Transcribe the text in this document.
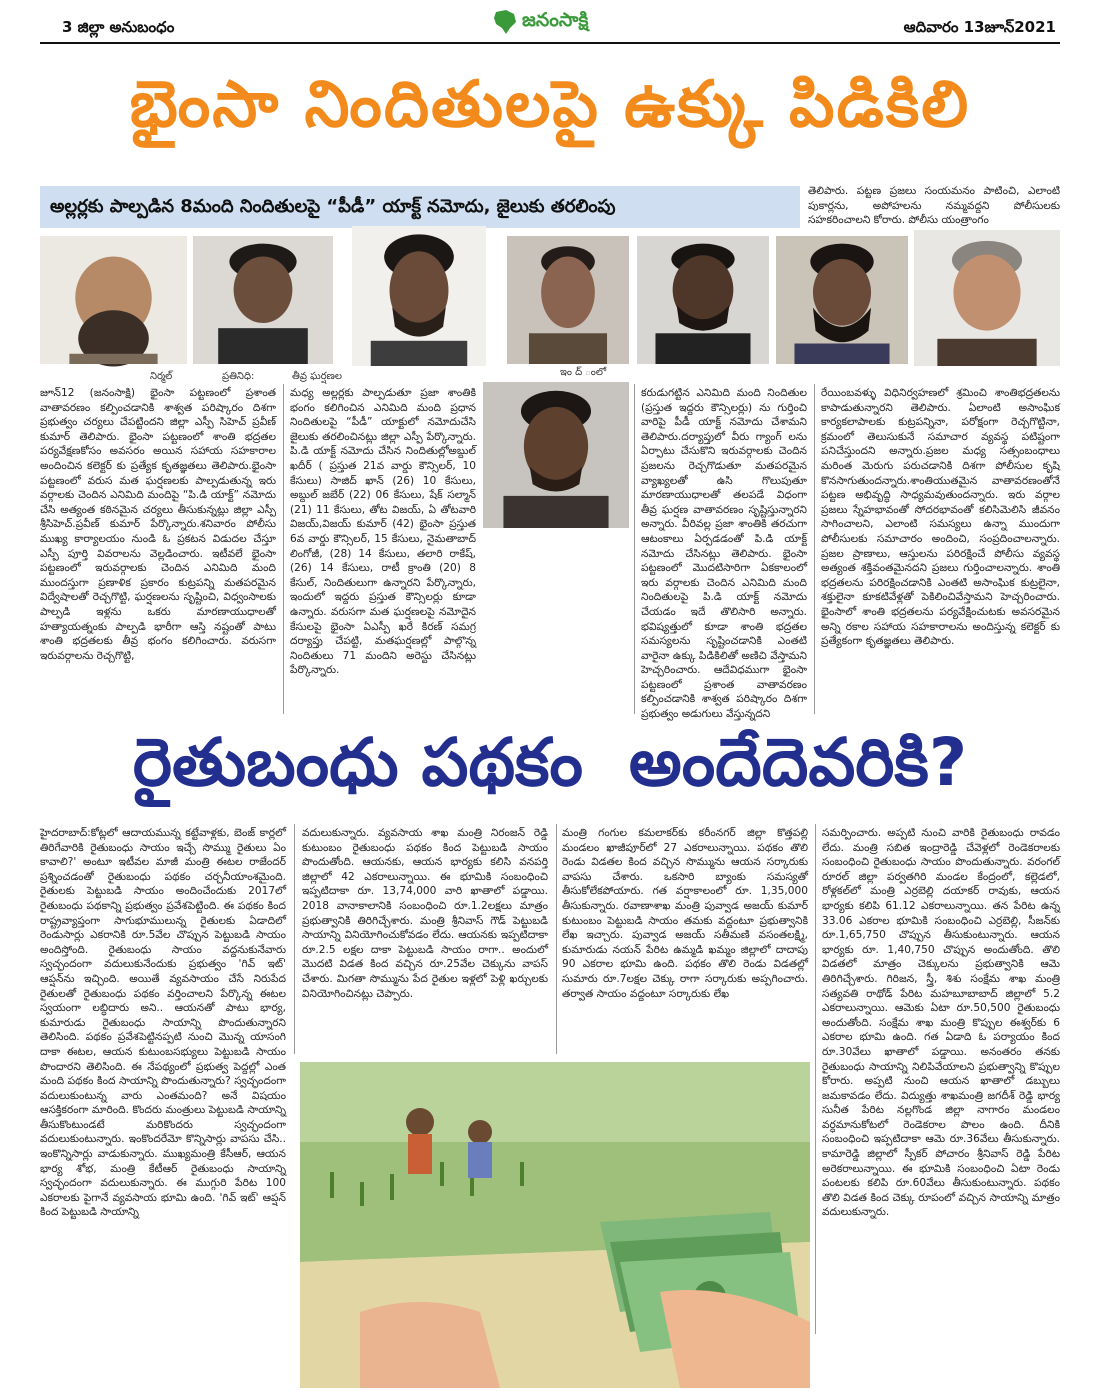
3 జిల్లా అనుబంధం	జనంసాక్షి	ఆదివారం 13జూన్2021
భైంసా నిందితులపై ఉక్కు పిడికిలి
అల్లర్లకు పాల్పడిన 8మంది నిందితులపై “పీడీ” యాక్ట్ నమోదు, జైలుకు తరలింపు
తెలిపారు. పట్టణ ప్రజలు సంయమనం పాటించి, ఎలాంటి పుకార్లను, అపోహలను నమ్మవద్దని పోలీసులకు సహకరించాలని కోరారు. పోలీసు యంత్రాంగం
నిర్మల్	ప్రతినిధి:	తీవ్ర ఘర్షణల	ఇం ద్ ంలో
జూన్12 (జనంసాక్షి) భైంసా పట్టణంలో ప్రశాంత వాతావరణం కల్పించడానికి శాశ్వత పరిష్కారం దిశగా ప్రభుత్వం చర్యలు చేపట్టిందని జిల్లా ఎస్పీ సిహెచ్ ప్రవీణ్ కుమార్ తెలిపారు. భైంసా పట్టణంలో శాంతి భద్రతల పర్యవేక్షణకోసం అవసరం అయిన సహాయ సహకారాల అందించిన కలెక్టర్ కు ప్రత్యేక కృతజ్ఞతలు తెలిపారు.భైంసా పట్టణంలో వరుస మత ఘర్షణలకు పాల్పడుతున్న ఇరు వర్గాలకు చెందిన ఎనిమిది మందిపై “పి.డి యాక్ట్” నమోదు చేసి అత్యంత కఠినమైన చర్యలు తీసుకున్నట్లు జిల్లా ఎస్పీ శ్రీసిహెచ్.ప్రవీణ్ కుమార్ పేర్కొన్నారు.శనివారం పోలీసు ముఖ్య కార్యాలయం నుండి ఓ ప్రకటన విడుదల చేస్తూ ఎస్పీ పూర్తి వివరాలను వెల్లడించారు. ఇటీవలే భైంసా పట్టణంలో ఇరువర్గాలకు చెందిన ఎనిమిది మంది ముందస్తుగా ప్రణాళిక ప్రకారం కుట్రపన్ని మతపరమైన విద్వేషాలతో రెచ్చగొట్టి, ఘర్షణలను సృష్టించి, విధ్వంసాలకు పాల్పడి ఇళ్లను ఒకరు మారణాయుధాలతో హత్యాయత్నంకు పాల్పడి భారీగా ఆస్తి నష్టంతో పాటు శాంతి భద్రతలకు తీవ్ర భంగం కలిగించారు. వరుసగా ఇరువర్గాలను రెచ్చగొట్టి,
మధ్య అల్లర్లకు పాల్పడుతూ ప్రజా శాంతికి భంగం కలిగించిన ఎనిమిది మంది ప్రధాన నిందితులపై “పీడీ” యాక్టులో నమోదుచేసి జైలుకు తరలించినట్లు జిల్లా ఎస్పీ పేర్కొన్నారు. పి.డి యాక్ట్ నమోదు చేసిన నిందితుల్లోఅబ్దుల్ ఖదీర్ ( ప్రస్తుత 21వ వార్డు కౌన్సిలర్, 10 కేసులు) సాజిద్ ఖాన్ (26) 10 కేసులు, అబ్దుల్ జబేర్ (22) 06 కేసులు, షేక్ సల్మాన్ (21) 11 కేసులు, తోట విజయ్, ఏ తోటవారి విజయ్,విజయ్ కుమార్ (42) భైంసా ప్రస్తుత 6వ వార్డు కౌన్సిలర్, 15 కేసులు, నైమతాబాద్ లింగోజీ, (28) 14 కేసులు, తలారి రాకేష్, (26) 14 కేసులు, రాటీ క్రాంతి (20) 8 కేసుల్, నిందితులుగా ఉన్నారని పేర్కొన్నారు, ఇందులో ఇద్దరు ప్రస్తుత కౌన్సిలర్లు కూడా ఉన్నారు. వరుసగా మత ఘర్షణలపై నమోదైన కేసులపై భైంసా ఏఎస్పీ ఖరే కిరణ్ సమగ్ర దర్యాప్తు చేపట్టి, మతఘర్షణల్లో పాల్గొన్న నిందితులు 71 మందిని అరెస్టు చేసినట్లు పేర్కొన్నారు.
కరుడుగట్టిన ఎనిమిది మంది నిందితుల (ప్రస్తుత ఇద్దరు కౌన్సిలర్లు) ను గుర్తించి వారిపై పీడీ యాక్ట్ నమోదు చేశామని తెలిపారు.దర్యాప్తులో వీరు గ్యాంగ్ లను ఏర్పాటు చేసుకొని ఇరువర్గాలకు చెందిన ప్రజలను రెచ్చగొడుతూ మతపరమైన వ్యాఖ్యలతో ఉసి గొలుపుతూ మారణాయుధాలతో తలపడే విధంగా తీవ్ర ఘర్షణ వాతావరణం సృష్టిస్తున్నారని అన్నారు. వీరివల్ల ప్రజా శాంతికి తరచుగా ఆటంకాలు ఏర్పడడంతో పి.డి యాక్ట్ నమోదు చేసినట్లు తెలిపారు. భైంసా పట్టణంలో మొదటిసారిగా ఏకకాలంలో ఇరు వర్గాలకు చెందిన ఎనిమిది మంది నిందితులపై పి.డి యాక్ట్ నమోదు చేయడం ఇదే తొలిసారి అన్నారు. భవిష్యత్తులో కూడా శాంతి భద్రతల సమస్యలను సృష్టించడానికి ఎంతటి వారైనా ఉక్కు పిడికిలితో అణిచి వేస్తామని హెచ్చరించారు. ఆదేవిధముగా భైంసా పట్టణంలో ప్రశాంత వాతావరణం కల్పించడానికి శాశ్వత పరిష్కారం దిశగా ప్రభుత్వం అడుగులు వేస్తున్నదని
రేయింబవళ్ళు విధినిర్వహణలో శ్రమించి శాంతిభద్రతలను కాపాడుతున్నారని తెలిపారు. ఏలాంటి అసాంఘిక కార్యకలాపాలకు కుట్రపన్నినా, పరోక్షంగా రెచ్చగొట్టినా, క్రమంలో తెలుసుకునే సమాచార వ్యవస్థ పటిష్టంగా పనిచేస్తుందని అన్నారు.ప్రజల మధ్య సత్సంబంధాలు మరింత మెరుగు పరుచడానికి దిశగా పోలీసుల కృషి కొనసాగుతుందన్నారు.శాంతియుతమైన వాతావరణంతోనే పట్టణ అభివృద్ధి సాధ్యమవుతుందన్నారు. ఇరు వర్గాల ప్రజలు స్నేహభావంతో సోదరభావంతో కలిసిమెలిసి జీవనం సాగించాలని, ఎలాంటి సమస్యలు ఉన్నా ముందుగా పోలీసులకు సమాచారం అందించి, సంప్రదించాలన్నారు. ప్రజల ప్రాణాలు, ఆస్తులను పరిరక్షించే పోలీసు వ్యవస్థ అత్యంత శక్తివంతమైనదని ప్రజలు గుర్తించాలన్నారు. శాంతి భద్రతలను పరిరక్షించడానికి ఎంతటి అసాంఘిక కుట్రలైనా, శక్తులైనా కూకటివేళ్లతో పెకిలించివేస్తామని హెచ్చరించారు. భైంసాలో శాంతి భద్రతలను పర్యవేక్షించుటకు అవసరమైన అన్ని రకాల సహాయ సహకారాలను అందిస్తున్న కలెక్టర్ కు ప్రత్యేకంగా కృతజ్ఞతలు తెలిపారు.
రైతుబంధు పథకం  అందేదెవరికి?
హైదరాబాద్:కోట్లలో ఆదాయమున్న కట్టేవాళ్లకు, బెంజ్ కార్లలో తిరిగేవారికి రైతుబంధు సాయం ఇచ్చే సొమ్ము రైతులు ఏం కావాలి?' అంటూ ఇటీవల మాజీ మంత్రి ఈటల రాజేందర్ ప్రశ్నించడంతో రైతుబంధు పథకం చర్చనీయాంశమైంది. రైతులకు పెట్టుబడి సాయం అందించేందుకు 2017లో రైతుబంధు పథకాన్ని ప్రభుత్వం ప్రవేశపెట్టింది. ఈ పథకం కింద రాష్ట్రవ్యాప్తంగా సాగుభూములున్న రైతులకు ఏడాదిలో రెండుసార్లు ఎకరానికి రూ.5వేల చొప్పున పెట్టుబడి సాయం అందిస్తోంది. రైతుబంధు సాయం వద్దనుకునేవారు స్వచ్ఛందంగా వదులుకునేందుకు ప్రభుత్వం 'గివ్ ఇట్' ఆప్షన్‌ను ఇచ్చింది. అయితే వ్యవసాయం చేసే నిరుపేద రైతులతో రైతుబంధు పథకం వర్తించాలని పేర్కొన్న ఈటల స్వయంగా లబ్ధిదారు అని.. ఆయనతో పాటు భార్య, కుమారుడు రైతుబంధు సాయాన్ని పొందుతున్నారని తెలిసింది. పథకం ప్రవేశపెట్టినప్పటి నుంచి మొన్న యాసంగి దాకా ఈటల, ఆయన కుటుంబసభ్యులు పెట్టుబడి సాయం పొందారని తెలిసింది. ఈ నేపథ్యంలో ప్రభుత్వ పెద్దల్లో ఎంత మంది పథకం కింద సాయాన్ని పొందుతున్నారు? స్వచ్ఛందంగా వదులుకుంటున్న వారు ఎంతమంది? అనే విషయం ఆసక్తికరంగా మారింది. కొందరు మంత్రులు పెట్టుబడి సాయాన్ని తీసుకొంటుండటే మరికొందరు స్వచ్ఛందంగా వదులుకుంటున్నారు. ఇంకొందరేమో కొన్నిసార్లు వాపసు చేసి.. ఇంకొన్నిసార్లు వాడుకున్నారు. ముఖ్యమంత్రి కేసీఆర్, ఆయన భార్య శోభ, మంత్రి కేటీఆర్ రైతుబంధు సాయాన్ని స్వచ్ఛందంగా వదులుకున్నారు. ఈ ముగ్గురి పేరిట 100 ఎకరాలకు పైగానే వ్యవసాయ భూమి ఉంది. 'గివ్ ఇట్' ఆప్షన్ కింద పెట్టుబడి సాయాన్ని
వదులుకున్నారు. వ్యవసాయ శాఖ మంత్రి నిరంజన్ రెడ్డి కుటుంబం రైతుబంధు పథకం కింద పెట్టుబడి సాయం పొందుతోంది. ఆయనకు, ఆయన భార్యకు కలిసి వనపర్తి జిల్లాలో 42 ఎకరాలున్నాయి. ఈ భూమికి సంబంధించి ఇప్పటిదాకా రూ. 13,74,000 వారి ఖాతాలో పడ్డాయి. 2018 వానాకాలానికి సంబంధించి రూ.1.2లక్షలు మాత్రం ప్రభుత్వానికి తిరిగిచ్చేశారు. మంత్రి శ్రీనివాస్ గౌడ్ పెట్టుబడి సాయాన్ని వినియోగించుకోవడం లేదు. ఆయనకు ఇప్పటిదాకా రూ.2.5 లక్షల దాకా పెట్టుబడి సాయం రాగా.. అందులో మొదటి విడత కింద వచ్చిన రూ.25వేల చెక్కును వాపస్ చేశారు. మిగతా సొమ్మును పేద రైతుల ఇళ్లలో పెళ్లి ఖర్చులకు వినియోగించినట్లు చెప్పారు.
మంత్రి గంగుల కమలాకర్‌కు కరీంనగర్ జిల్లా కొత్తపల్లి మండలం ఖాజీపూర్‌లో 27 ఎకరాలున్నాయి. పథకం తొలి రెండు విడతల కింద వచ్చిన సొమ్మును ఆయన సర్కారుకు వాపసు చేశారు. ఒకసారి బ్యాంకు సమస్యతో తీసుకోలేకపోయారు. గత వర్షాకాలంలో రూ. 1,35,000 తీసుకున్నారు. రవాణాశాఖ మంత్రి పువ్వాడ అజయ్ కుమార్ కుటుంబం పెట్టుబడి సాయం తమకు వద్దంటూ ప్రభుత్వానికి లేఖ ఇచ్చారు. పువ్వాడ అజయ్ సతీమణి వసంతలక్ష్మి, కుమారుడు నయన్ పేరిట ఉమ్మడి ఖమ్మం జిల్లాలో దాదాపు 90 ఎకరాల భూమి ఉంది. పథకం తొలి రెండు విడతల్లో సుమారు రూ.7లక్షల చెక్కు రాగా సర్కారుకు అప్పగించారు. తర్వాత సాయం వద్దంటూ సర్కారుకు లేఖ
సమర్పించారు. అప్పటి నుంచి వారికి రైతుబంధు రావడం లేదు. మంత్రి సబిత ఇంద్రారెడ్డి చేవెళ్లలో రెండెకరాలకు సంబంధించి రైతుబంధు సాయం పొందుతున్నారు. వరంగల్ రూరల్ జిల్లా పర్వతగిరి మండల కేంద్రంలో, కల్లెడలో, రోళ్లకల్‌లో మంత్రి ఎర్రబెల్లి దయాకర్ రావుకు, ఆయన భార్యకు కలిపి 61.12 ఎకరాలున్నాయి. తన పేరిట ఉన్న 33.06 ఎకరాల భూమికి సంబంధించి ఎర్రబెల్లి, సీజన్‌కు రూ.1,65,750 చొప్పున తీసుకుంటున్నారు. ఆయన భార్యకు రూ. 1,40,750 చొప్పున అందుతోంది. తొలి విడతలో మాత్రం చెక్కులను ప్రభుత్వానికి ఆమె తిరిగిచ్చేశారు. గిరిజన, స్త్రీ, శిశు సంక్షేమ శాఖ మంత్రి సత్యవతి రాథోడ్ పేరిట మహబూబాబాద్ జిల్లాలో 5.2 ఎకరాలున్నాయి. ఆమెకు ఏటా రూ.50,500 రైతుబంధు అందుతోంది. సంక్షేమ శాఖ మంత్రి కొప్పుల ఈశ్వర్‌కు 6 ఎకరాల భూమి ఉంది. గత ఏడాది ఓ పర్యాయం కింద రూ.30వేలు ఖాతాలో పడ్డాయి. అనంతరం తనకు రైతుబంధు సాయాన్ని నిలిపివేయాలని ప్రభుత్వాన్ని కొప్పుల కోరారు. అప్పటి నుంచి ఆయన ఖాతాలో డబ్బులు జమకావడం లేదు. విద్యుత్తు శాఖమంత్రి జగదీశ్ రెడ్డి భార్య సునీత పేరిట నల్లగొండ జిల్లా నాగారం మండలం వర్ధమానుకోటలో రెండెకరాల పొలం ఉంది. దీనికి సంబంధించి ఇప్పటిదాకా ఆమె రూ.36వేలు తీసుకున్నారు. కామారెడ్డి జిల్లాలో స్పీకర్ పోచారం శ్రీనివాస్ రెడ్డి పేరిట అరెకరాలున్నాయి. ఈ భూమికి సంబంధించి ఏటా రెండు పంటలకు కలిపి రూ.60వేలు తీసుకుంటున్నారు. పథకం తొలి విడత కింద చెక్కు రూపంలో వచ్చిన సాయాన్ని మాత్రం వదులుకున్నారు.
